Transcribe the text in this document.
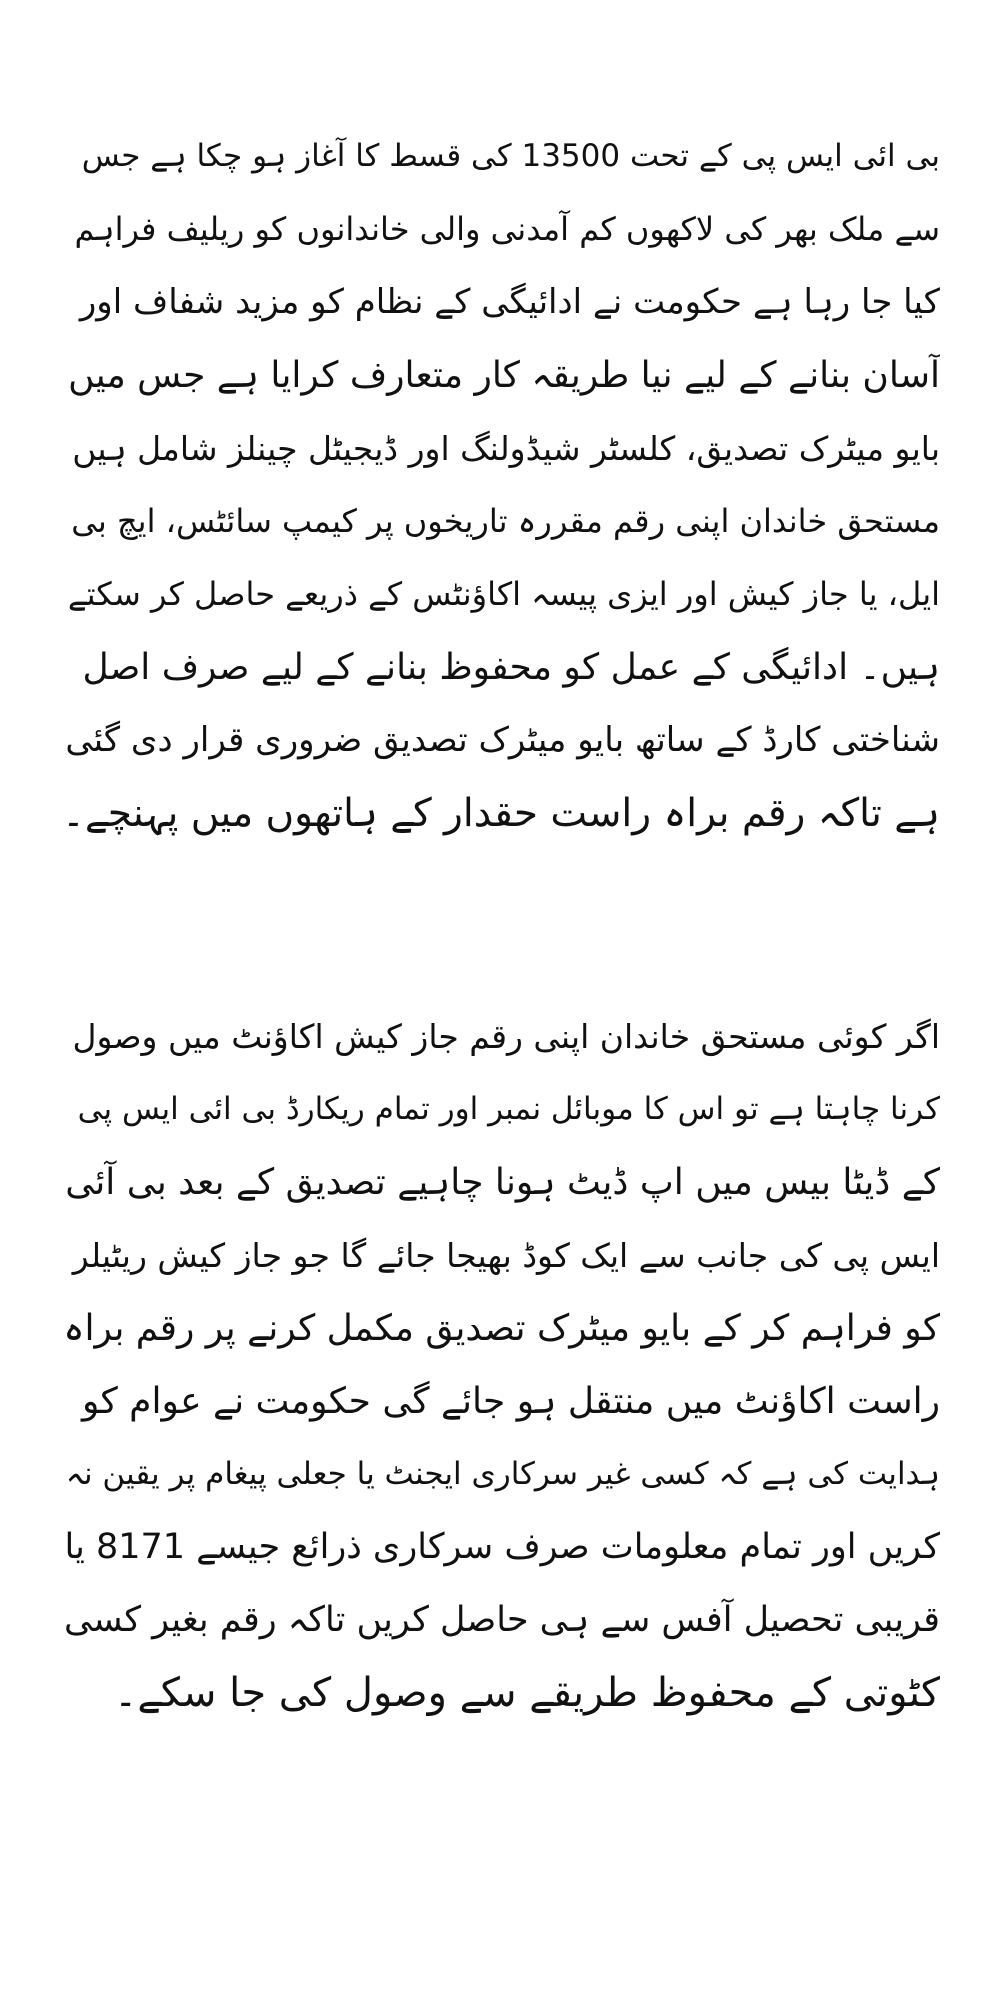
بی ائی ایس پی کے تحت 13500 کی قسط کا آغاز ہو چکا ہے جس
سے ملک بھر کی لاکھوں کم آمدنی والی خاندانوں کو ریلیف فراہم
کیا جا رہا ہے حکومت نے ادائیگی کے نظام کو مزید شفاف اور
آسان بنانے کے لیے نیا طریقہ کار متعارف کرایا ہے جس میں
بایو میٹرک تصدیق، کلسٹر شیڈولنگ اور ڈیجیٹل چینلز شامل ہیں
مستحق خاندان اپنی رقم مقررہ تاریخوں پر کیمپ سائٹس، ایچ بی
ایل، یا جاز کیش اور ایزی پیسہ اکاؤنٹس کے ذریعے حاصل کر سکتے
ہیں۔ ادائیگی کے عمل کو محفوظ بنانے کے لیے صرف اصل
شناختی کارڈ کے ساتھ بایو میٹرک تصدیق ضروری قرار دی گئی
ہے تاکہ رقم براہ راست حقدار کے ہاتھوں میں پہنچے۔
اگر کوئی مستحق خاندان اپنی رقم جاز کیش اکاؤنٹ میں وصول
کرنا چاہتا ہے تو اس کا موبائل نمبر اور تمام ریکارڈ بی ائی ایس پی
کے ڈیٹا بیس میں اپ ڈیٹ ہونا چاہیے تصدیق کے بعد بی آئی
ایس پی کی جانب سے ایک کوڈ بھیجا جائے گا جو جاز کیش ریٹیلر
کو فراہم کر کے بایو میٹرک تصدیق مکمل کرنے پر رقم براہ
راست اکاؤنٹ میں منتقل ہو جائے گی حکومت نے عوام کو
ہدایت کی ہے کہ کسی غیر سرکاری ایجنٹ یا جعلی پیغام پر یقین نہ
کریں اور تمام معلومات صرف سرکاری ذرائع جیسے 8171 یا
قریبی تحصیل آفس سے ہی حاصل کریں تاکہ رقم بغیر کسی
کٹوتی کے محفوظ طریقے سے وصول کی جا سکے۔
